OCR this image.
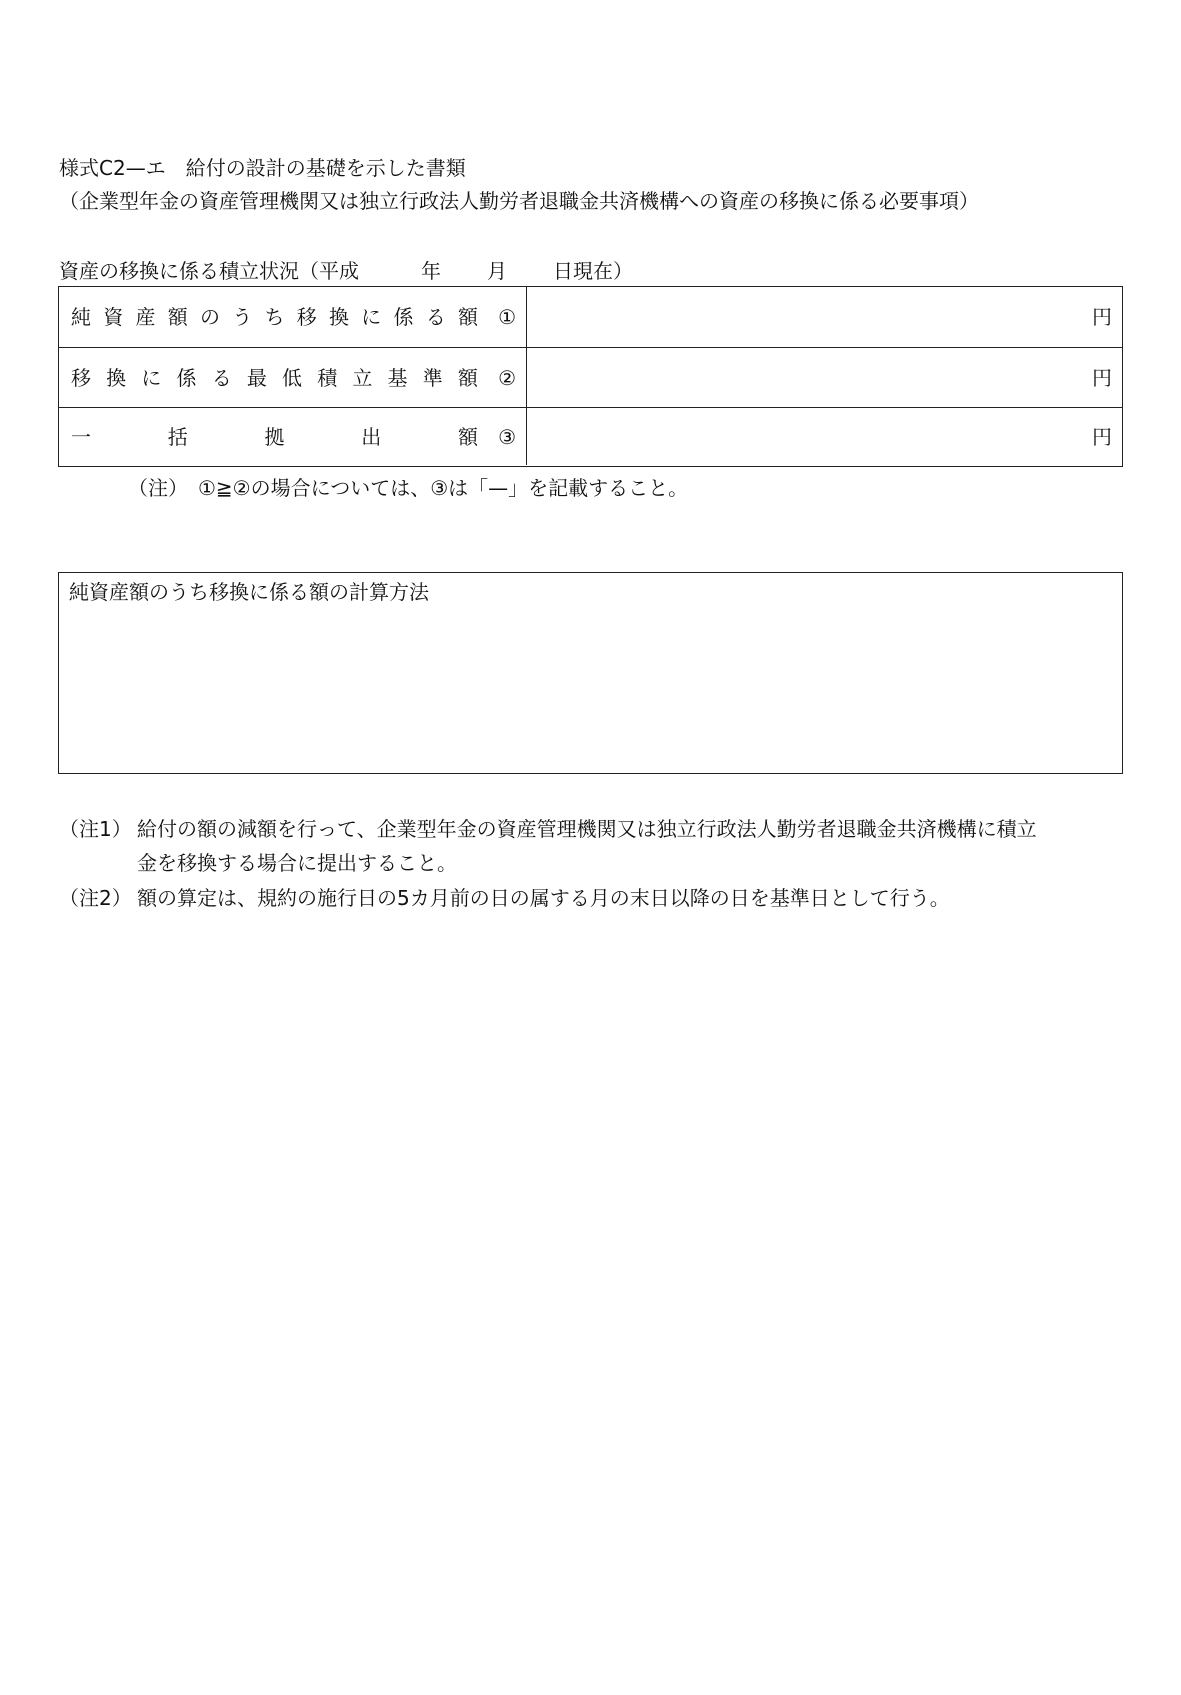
様式C2—エ　給付の設計の基礎を示した書類
（企業型年金の資産管理機関又は独立行政法人勤労者退職金共済機構への資産の移換に係る必要事項）
資産の移換に係る積立状況（平成	年 月 日現在）
純 資 産 額 の う ち 移 換 に 係 る 額 ①	円
移 換 に 係 る 最 低 積 立 基 準 額 ②	円
一	括	拠	出	額 ③	円
（注）　①≧②の場合については、③は「—」を記載すること。
純資産額のうち移換に係る額の計算方法
（注1） 給付の額の減額を行って、企業型年金の資産管理機関又は独立行政法人勤労者退職金共済機構に積立
金を移換する場合に提出すること。
（注2） 額の算定は、規約の施行日の5カ月前の日の属する月の末日以降の日を基準日として行う。
